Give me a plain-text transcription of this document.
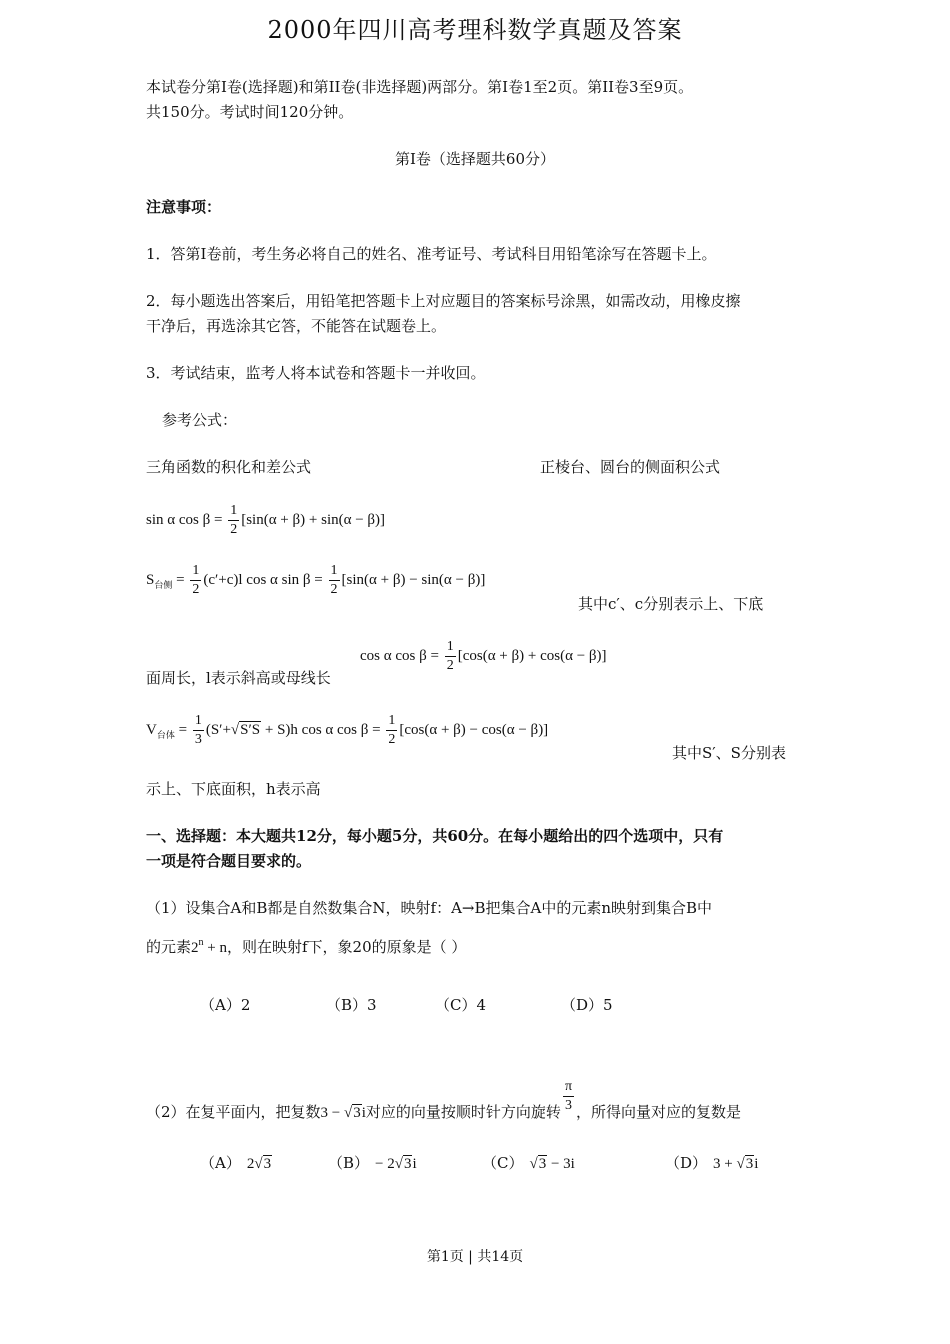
2000年四川高考理科数学真题及答案
本试卷分第I卷(选择题)和第II卷(非选择题)两部分。第I卷1至2页。第II卷3至9页。
共150分。考试时间120分钟。
第I卷（选择题共60分）
注意事项：
1．答第I卷前，考生务必将自己的姓名、准考证号、考试科目用铅笔涂写在答题卡上。
2．每小题选出答案后，用铅笔把答题卡上对应题目的答案标号涂黑，如需改动，用橡皮擦
干净后，再选涂其它答，不能答在试题卷上。
3．考试结束，监考人将本试卷和答题卡一并收回。
参考公式：
三角函数的积化和差公式	正棱台、圆台的侧面积公式
sin α $\cos \beta = \frac{1}{2} [\sin(\alpha + \beta) + \sin(\alpha - \beta)]$
$S_{台侧} = \frac{1}{2} (c'+c)l$ cos α $\sin \beta = \frac{1}{2} [\sin(\alpha + \beta) - \sin(\alpha - \beta)]$
其中c′、c分别表示上、下底
cos α $\cos \beta = \frac{1}{2} [\cos(\alpha + \beta) + \cos(\alpha - \beta)]$
面周长，l表示斜高或母线长
$V_{台体} = \frac{1}{3} (S'+√S'S + S)h$ cos α $\cos \beta = \frac{1}{2} [\cos(\alpha + \beta) - \cos(\alpha - \beta)]$
其中S′、S分别表
示上、下底面积，h表示高
一、选择题：本大题共12分，每小题5分，共60分。在每小题给出的四个选项中，只有
一项是符合题目要求的。
（1）设集合A和B都是自然数集合N，映射f：A→B把集合A中的元素n映射到集合B中
的元素$2^n + n$，则在映射f下，象20的原象是（ ）
（A）2	（B）3	（C）4	（D）5
（2）在复平面内，把复数3 − √3i对应的向量按顺时针方向旋转 $\frac{\pi}{3}$ ，所得向量对应的复数是
（A） 2√3	（B） − 2√3i	（C） √3 − 3i	（D） 3 + √3i
第1页 | 共14页
